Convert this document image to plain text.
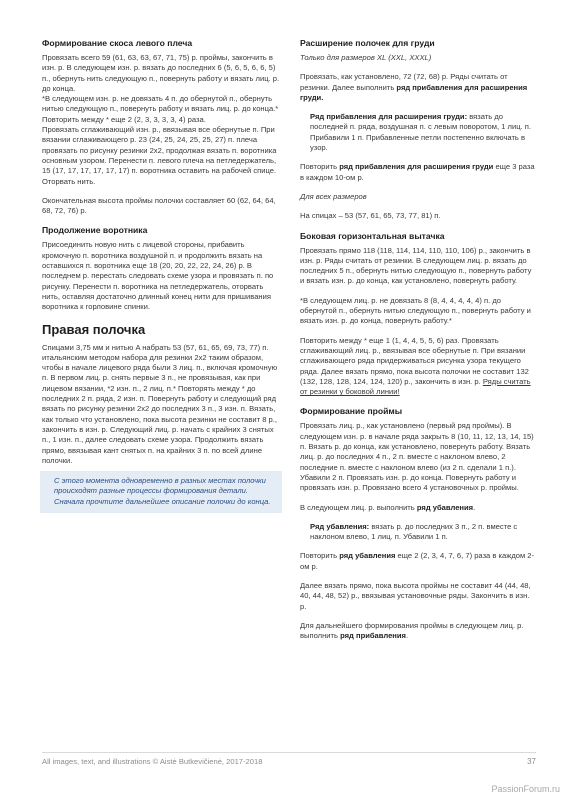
Формирование скоса левого плеча

Провязать всего 59 (61, 63, 63, 67, 71, 75) р. проймы, закончить в изн. р. В следующем изн. р. вязать до последних 6 (5, 6, 5, 6, 6, 5) п., обернуть нить следующую п., повернуть работу и вязать лиц. р. до конца.

*В следующем изн. р. не довязать 4 п. до обернутой п., обернуть нитью следующую п., повернуть работу и вязать лиц. р. до конца.*

Повторить между * еще 2 (2, 3, 3, 3, 3, 4) раза.

Провязать сглаживающий изн. р., ввязывая все обернутые п. При вязании сглаживающего р. 23 (24, 25, 24, 25, 25, 27) п. плеча провязать по рисунку резинки 2х2, продолжая вязать п. воротника основным узором. Перенести п. левого плеча на петледержатель, 15 (17, 17, 17, 17, 17, 17) п. воротника оставить на рабочей спице. Оторвать нить.

Окончательная высота проймы полочки составляет 60 (62, 64, 64, 68, 72, 76) р.

Продолжение воротника

Присоединить новую нить с лицевой стороны, прибавить кромочную п. воротника воздушной п. и продолжить вязать на оставшихся п. воротника еще 18 (20, 20, 22, 22, 24, 26) р. В последнем р. перестать следовать схеме узора и провязать п. по рисунку. Перенести п. воротника на петледержатель, оторвать нить, оставляя достаточно длинный конец нити для пришивания воротника к горловине спинки.

Правая полочка

Спицами 3,75 мм и нитью A набрать 53 (57, 61, 65, 69, 73, 77) п. итальянским методом набора для резинки 2х2 таким образом, чтобы в начале лицевого ряда были 3 лиц. п., включая кромочную п. В первом лиц. р. снять первые 3 п., не провязывая, как при лицевом вязании, *2 изн. п., 2 лиц. п.* Повторять между * до последних 2 п. ряда, 2 изн. п. Повернуть работу и следующий ряд вязать по рисунку резинки 2х2 до последних 3 п., 3 изн. п. Вязать, как только что установлено, пока высота резинки не составит 8 р., закончить в изн. р. Следующий лиц. р. начать с крайних 3 снятых п., 1 изн. п., далее следовать схеме узора. Продолжить вязать прямо, ввязывая кант снятых п. на крайних 3 п. по всей длине полочки.

С этого момента одновременно в разных местах полочки происходят разные процессы формирования детали. Сначала прочтите дальнейшее описание полочки до конца.
Расширение полочек для груди

Только для размеров XL (XXL, XXXL)

Провязать, как установлено, 72 (72, 68) р. Ряды считать от резинки. Далее выполнить ряд прибавления для расширения груди.

Ряд прибавления для расширения груди: вязать до последней п. ряда, воздушная п. с левым поворотом, 1 лиц. п. Прибавили 1 п. Прибавленные петли постепенно включать в узор.

Повторить ряд прибавления для расширения груди еще 3 раза в каждом 10-ом р.

Для всех размеров

На спицах – 53 (57, 61, 65, 73, 77, 81) п.

Боковая горизонтальная вытачка

Провязать прямо 118 (118, 114, 114, 110, 110, 106) р., закончить в изн. р. Ряды считать от резинки. В следующем лиц. р. вязать до последних 5 п., обернуть нитью следующую п., повернуть работу и вязать изн. р. до конца, как установлено, повернуть работу.

*В следующем лиц. р. не довязать 8 (8, 4, 4, 4, 4, 4) п. до обернутой п., обернуть нитью следующую п., повернуть работу и вязать изн. р. до конца, повернуть работу.*

Повторить между * еще 1 (1, 4, 4, 5, 5, 6) раз. Провязать сглаживающий лиц. р., ввязывая все обернутые п. При вязании сглаживающего ряда придерживаться рисунка узора текущего ряда. Далее вязать прямо, пока высота полочки не составит 132 (132, 128, 128, 124, 124, 120) р., закончить в изн. р. Ряды считать от резинки у боковой линии!

Формирование проймы

Провязать лиц. р., как установлено (первый ряд проймы). В следующем изн. р. в начале ряда закрыть 8 (10, 11, 12, 13, 14, 15) п. Вязать р. до конца, как установлено, повернуть работу. Вязать лиц. р. до последних 4 п., 2 п. вместе с наклоном влево, 2 последние п. вместе с наклоном влево (из 2 п. сделали 1 п.). Убавили 2 п. Провязать изн. р. до конца. Повернуть работу и провязать изн. р. Провязано всего 4 установочных р. проймы.

В следующем лиц. р. выполнить ряд убавления.

Ряд убавления: вязать р. до последних 3 п., 2 п. вместе с наклоном влево, 1 лиц. п. Убавили 1 п.

Повторить ряд убавления еще 2 (2, 3, 4, 7, 6, 7) раза в каждом 2-ом р.

Далее вязать прямо, пока высота проймы не составит 44 (44, 48, 40, 44, 48, 52) р., ввязывая установочные ряды. Закончить в изн. р.

Для дальнейшего формирования проймы в следующем лиц. р. выполнить ряд прибавления.

All images, text, and illustrations © Aistė Butkevičienė, 2017-2018	37
PassionForum.ru
